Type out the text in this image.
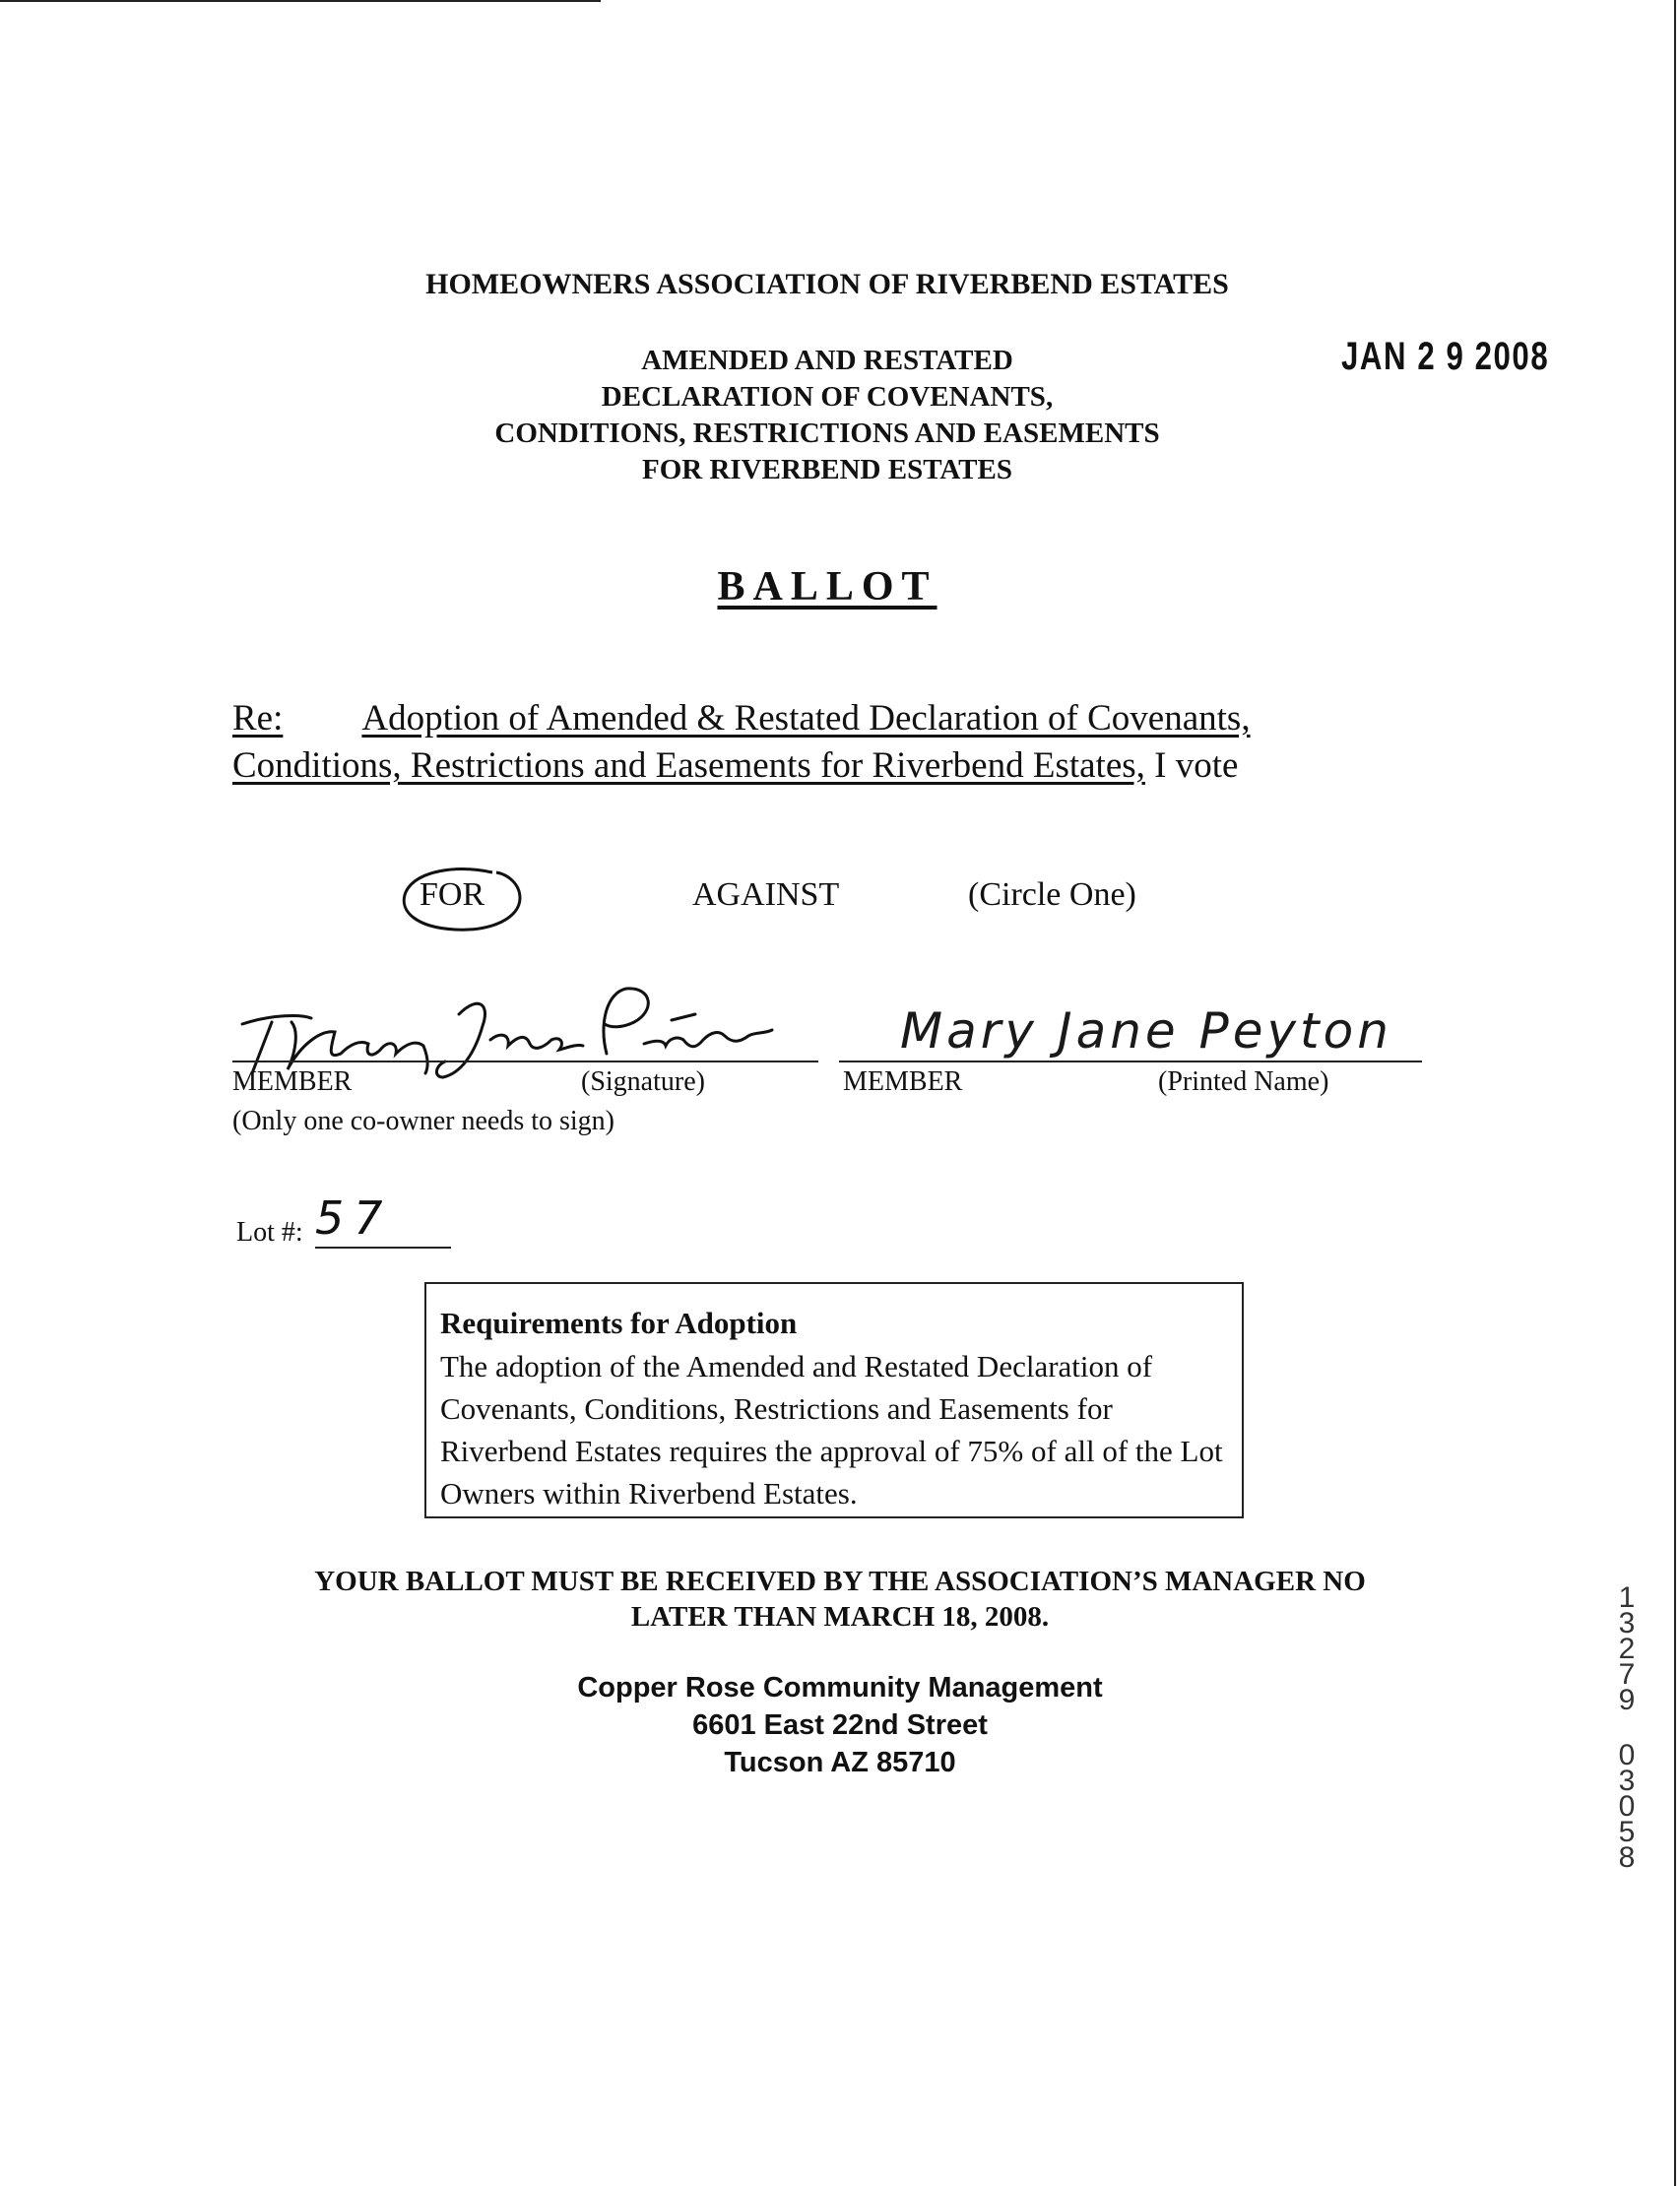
HOMEOWNERS ASSOCIATION OF RIVERBEND ESTATES
AMENDED AND RESTATED
DECLARATION OF COVENANTS,
CONDITIONS, RESTRICTIONS AND EASEMENTS
FOR RIVERBEND ESTATES
JAN 2 9 2008
BALLOT
Re: Adoption of Amended & Restated Declaration of Covenants,
Conditions, Restrictions and Easements for Riverbend Estates, I vote
FOR	AGAINST	(Circle One)
MEMBER	(Signature)
(Only one co-owner needs to sign)
Mary Jane Peyton
MEMBER	(Printed Name)
Lot #: 57
Requirements for Adoption
The adoption of the Amended and Restated Declaration of Covenants, Conditions, Restrictions and Easements for Riverbend Estates requires the approval of 75% of all of the Lot Owners within Riverbend Estates.
YOUR BALLOT MUST BE RECEIVED BY THE ASSOCIATION’S MANAGER NO
LATER THAN MARCH 18, 2008.
Copper Rose Community Management
6601 East 22nd Street
Tucson AZ 85710
1
3
2
7
9
0
3
0
5
8
